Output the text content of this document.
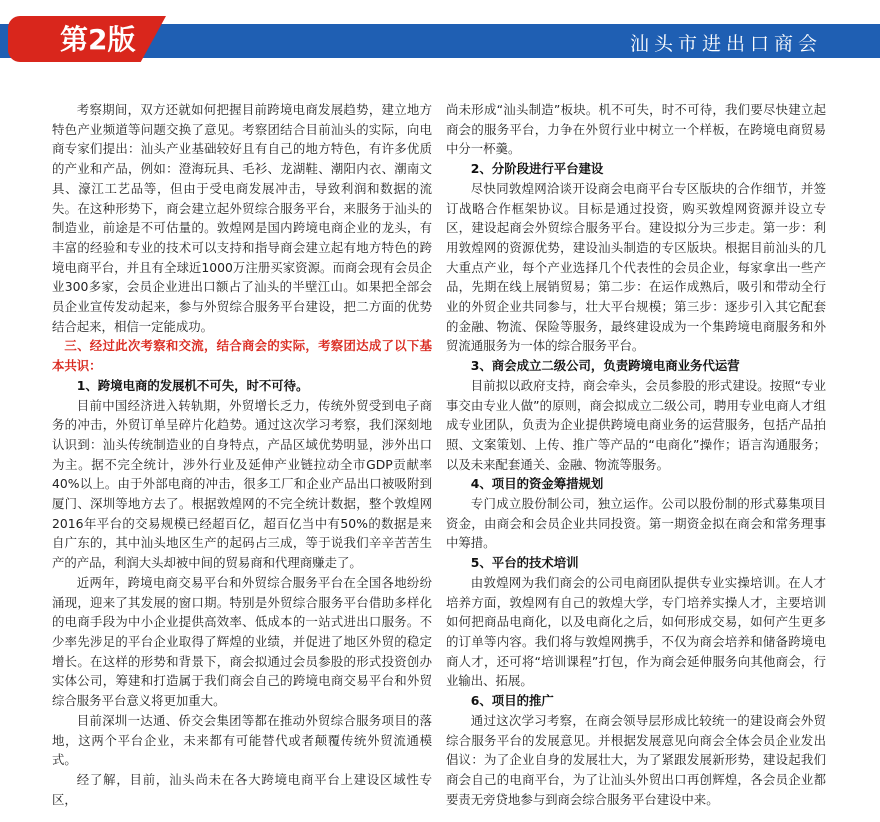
第2版	汕头市进出口商会

考察期间，双方还就如何把握目前跨境电商发展趋势，建立地方特色产业频道等问题交换了意见。考察团结合目前汕头的实际，向电商专家们提出：汕头产业基础较好且有自己的地方特色，有许多优质的产业和产品，例如：澄海玩具、毛衫、龙湖鞋、潮阳内衣、潮南文具、濠江工艺品等，但由于受电商发展冲击，导致利润和数据的流失。在这种形势下，商会建立起外贸综合服务平台，来服务于汕头的制造业，前途是不可估量的。敦煌网是国内跨境电商企业的龙头，有丰富的经验和专业的技术可以支持和指导商会建立起有地方特色的跨境电商平台，并且有全球近1000万注册买家资源。而商会现有会员企业300多家，会员企业进出口额占了汕头的半壁江山。如果把全部会员企业宣传发动起来，参与外贸综合服务平台建设，把二方面的优势结合起来，相信一定能成功。

三、经过此次考察和交流，结合商会的实际，考察团达成了以下基本共识：
1、跨境电商的发展机不可失，时不可待。

目前中国经济进入转轨期，外贸增长乏力，传统外贸受到电子商务的冲击，外贸订单呈碎片化趋势。通过这次学习考察，我们深刻地认识到：汕头传统制造业的自身特点，产品区域优势明显，涉外出口为主。据不完全统计，涉外行业及延伸产业链拉动全市GDP贡献率40%以上。由于外部电商的冲击，很多工厂和企业产品出口被吸附到厦门、深圳等地方去了。根据敦煌网的不完全统计数据，整个敦煌网2016年平台的交易规模已经超百亿，超百亿当中有50%的数据是来自广东的，其中汕头地区生产的起码占三成，等于说我们辛辛苦苦生产的产品，利润大头却被中间的贸易商和代理商赚走了。

近两年，跨境电商交易平台和外贸综合服务平台在全国各地纷纷涌现，迎来了其发展的窗口期。特别是外贸综合服务平台借助多样化的电商手段为中小企业提供高效率、低成本的一站式进出口服务。不少率先涉足的平台企业取得了辉煌的业绩，并促进了地区外贸的稳定增长。在这样的形势和背景下，商会拟通过会员参股的形式投资创办实体公司，筹建和打造属于我们商会自己的跨境电商交易平台和外贸综合服务平台意义将更加重大。

目前深圳一达通、侨交会集团等都在推动外贸综合服务项目的落地，这两个平台企业，未来都有可能替代或者颠覆传统外贸流通模式。

经了解，目前，汕头尚未在各大跨境电商平台上建设区域性专区，

尚未形成“汕头制造”板块。机不可失，时不可待，我们要尽快建立起商会的服务平台，力争在外贸行业中树立一个样板，在跨境电商贸易中分一杯羹。

2、分阶段进行平台建设

尽快同敦煌网洽谈开设商会电商平台专区版块的合作细节，并签订战略合作框架协议。目标是通过投资，购买敦煌网资源并设立专区，建设起商会外贸综合服务平台。建设拟分为三步走。第一步：利用敦煌网的资源优势，建设汕头制造的专区版块。根据目前汕头的几大重点产业，每个产业选择几个代表性的会员企业，每家拿出一些产品，先期在线上展销贸易；第二步：在运作成熟后，吸引和带动全行业的外贸企业共同参与，壮大平台规模；第三步：逐步引入其它配套的金融、物流、保险等服务，最终建设成为一个集跨境电商服务和外贸流通服务为一体的综合服务平台。

3、商会成立二级公司，负责跨境电商业务代运营

目前拟以政府支持，商会牵头，会员参股的形式建设。按照“专业事交由专业人做”的原则，商会拟成立二级公司，聘用专业电商人才组成专业团队，负责为企业提供跨境电商业务的运营服务，包括产品拍照、文案策划、上传、推广等产品的“电商化”操作；语言沟通服务；以及未来配套通关、金融、物流等服务。

4、项目的资金筹措规划

专门成立股份制公司，独立运作。公司以股份制的形式募集项目资金，由商会和会员企业共同投资。第一期资金拟在商会和常务理事中筹措。

5、平台的技术培训

由敦煌网为我们商会的公司电商团队提供专业实操培训。在人才培养方面，敦煌网有自己的敦煌大学，专门培养实操人才，主要培训如何把商品电商化，以及电商化之后，如何形成交易，如何产生更多的订单等内容。我们将与敦煌网携手，不仅为商会培养和储备跨境电商人才，还可将“培训课程”打包，作为商会延伸服务向其他商会，行业输出、拓展。

6、项目的推广

通过这次学习考察，在商会领导层形成比较统一的建设商会外贸综合服务平台的发展意见。并根据发展意见向商会全体会员企业发出倡议：为了企业自身的发展壮大，为了紧跟发展新形势，建设起我们商会自己的电商平台，为了让汕头外贸出口再创辉煌，各会员企业都要责无旁贷地参与到商会综合服务平台建设中来。
